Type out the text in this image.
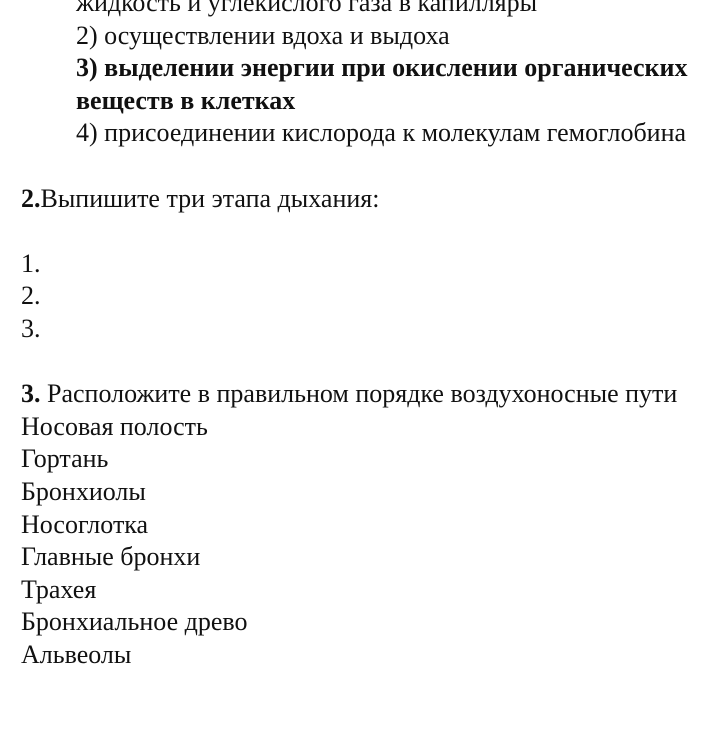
жидкость и углекислого газа в капилляры
2) осуществлении вдоха и выдоха
3) выделении энергии при окислении органических
веществ в клетках
4) присоединении кислорода к молекулам гемоглобина
2.Выпишите три этапа дыхания:
1.
2.
3.
3. Расположите в правильном порядке воздухоносные пути
Носовая полость
Гортань
Бронхиолы
Носоглотка
Главные бронхи
Трахея
Бронхиальное древо
Альвеолы
